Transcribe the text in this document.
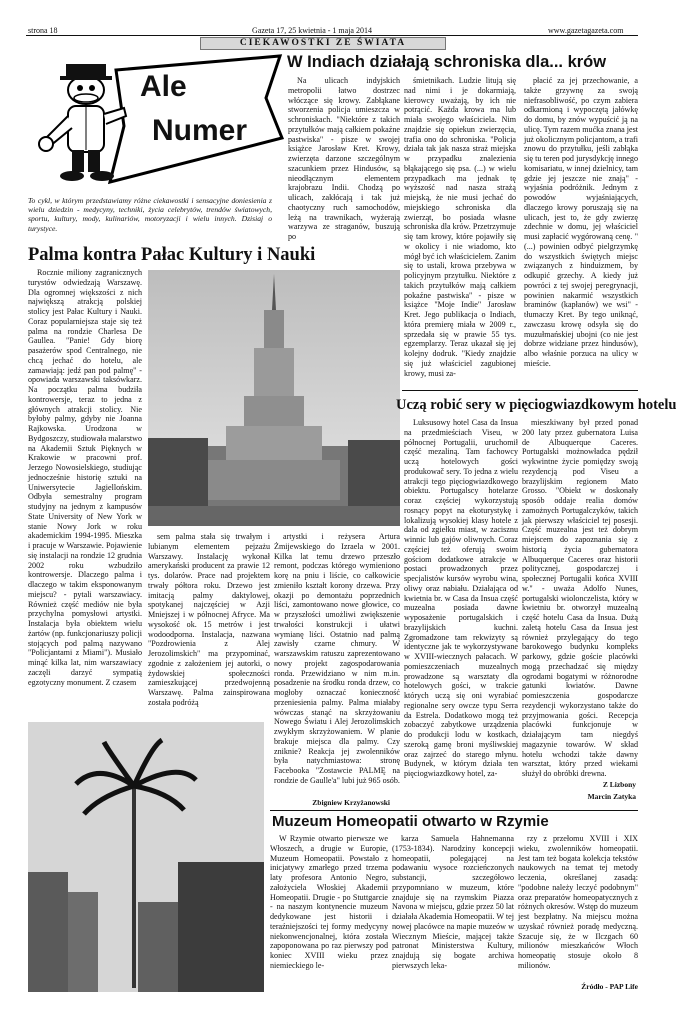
strona 18	Gazeta 17, 25 kwietnia - 1 maja 2014	www.gazetagazeta.com
CIEKAWOSTKI ZE ŚWIATA
Ale
Numer
To cykl, w którym przedstawiamy różne ciekawostki i sensacyjne doniesienia z wielu dziedzin - medycyny, techniki, życia celebrytów, trendów światowych, sportu, kultury, mody, kulinariów, motoryzacji i wielu innych. Dzisiaj o turystyce.
W Indiach działają schroniska dla... krów

Na ulicach indyjskich metropolii łatwo dostrzec włóczące się krowy. Zabłąkane stworzenia policja umieszcza w schroniskach. "Niektóre z takich przytułków mają całkiem pokaźne pastwiska" - pisze w swojej książce Jarosław Kret. Krowy, zwierzęta darzone szczególnym szacunkiem przez Hindusów, są nieodłącznym elementem krajobrazu Indii. Chodzą po ulicach, zakłócają i tak już chaotyczny ruch samochodów, leżą na trawnikach, wyżerają warzywa ze straganów, buszują po

śmietnikach. Ludzie litują się nad nimi i je dokarmiają, kierowcy uważają, by ich nie potrącić. Każda krowa ma lub miała swojego właściciela. Nim znajdzie się opiekun zwierzęcia, trafia ono do schroniska. "Policja działa tak jak nasza straż miejska w przypadku znalezienia błąkającego się psa. (...) w wielu przypadkach ma jednak tę wyższość nad nasza strażą miejską, że nie musi jechać do miejskiego schroniska dla zwierząt, bo posiada własne schroniska dla krów. Przetrzymuje się tam krowy, które pojawiły się w okolicy i nie wiadomo, kto mógł być ich właścicielem. Zanim się to ustali, krowa przebywa w policyjnym przytułku. Niektóre z takich przytułków mają całkiem pokaźne pastwiska" - pisze w książce "Moje Indie" Jarosław Kret. Jego publikacja o Indiach, która premierę miała w 2009 r., sprzedała się w prawie 55 tys. egzemplarzy. Teraz ukazał się jej kolejny dodruk. "Kiedy znajdzie się już właściciel zagubionej krowy, musi za-

płacić za jej przechowanie, a także grzywnę za swoją niefrasobliwość, po czym zabiera odkarmioną i wypoczętą jałówkę do domu, by znów wypuścić ją na ulicę. Tym razem mućka znana jest już okolicznym policjantom, a trafi znowu do przytułku, jeśli zabłąka się tu teren pod jurysdykcję innego komisariatu, w innej dzielnicy, tam gdzie jej jeszcze nie znają" - wyjaśnia podróżnik. Jednym z powodów wyjaśniających, dlaczego krowy poruszają się na ulicach, jest to, że gdy zwierzę zdechnie w domu, jej właściciel musi zapłacić wygórowaną cenę. "(...) powinien odbyć pielgrzymkę do wszystkich świętych miejsc związanych z hinduizmem, by odkupić grzechy. A kiedy już powróci z tej swojej peregrynacji, powinien nakarmić wszystkich braminów (kapłanów) we wsi" - tłumaczy Kret. By tego uniknąć, zawczasu krowę odsyła się do muzułmańskiej ubojni (co nie jest dobrze widziane przez hindusów), albo właśnie porzuca na ulicy w mieście.

Palma kontra Pałac Kultury i Nauki

Rocznie miliony zagranicznych turystów odwiedzają Warszawę. Dla ogromnej większości z nich największą atrakcją polskiej stolicy jest Pałac Kultury i Nauki. Coraz popularniejsza staje się też palma na rondzie Charlesa De Gaullea. "Panie! Gdy biorę pasażerów spod Centralnego, nie chcą jechać do hotelu, ale zamawiają: jedź pan pod palmę" - opowiada warszawski taksówkarz. Na początku palma budziła kontrowersje, teraz to jedna z głównych atrakcji stolicy. Nie byłoby palmy, gdyby nie Joanna Rajkowska. Urodzona w Bydgoszczy, studiowała malarstwo na Akademii Sztuk Pięknych w Krakowie w pracowni prof. Jerzego Nowosielskiego, studiując jednocześnie historię sztuki na Uniwersytecie Jagiellońskim. Odbyła semestralny program studyjny na jednym z kampusów State University of New York w stanie Nowy Jork w roku akademickim 1994-1995. Mieszka i pracuje w Warszawie. Pojawienie się instalacji na rondzie 12 grudnia 2002 roku wzbudziło kontrowersje. Dlaczego palma i dlaczego w takim eksponowanym miejscu? - pytali warszawiacy. Również część mediów nie była przychylna pomysłowi artystki. Instalacja była obiektem wielu żartów (np. funkcjonariuszy policji stojących pod palmą nazywano "Policjantami z Miami"). Musiało minąć kilka lat, nim warszawiacy zaczęli darzyć sympatią egzotyczny monument. Z czasem

sem palma stała się trwałym i lubianym elementem pejzażu Warszawy. Instalację wykonał amerykański producent za prawie 12 tys. dolarów. Prace nad projektem trwały półtora roku. Drzewo jest imitacją palmy daktylowej, spotykanej najczęściej w Azji Mniejszej i w północnej Afryce. Ma wysokość ok. 15 metrów i jest wodoodporna. Instalacja, nazwana "Pozdrowienia z Alej Jerozolimskich" ma przypominać, zgodnie z założeniem jej autorki, o żydowskiej społeczności zamieszkującej przedwojenną Warszawę. Palma zainspirowana została podróżą

artystki i reżysera Artura Żmijewskiego do Izraela w 2001. Kilka lat temu drzewo przeszło remont, podczas którego wymieniono korę na pniu i liście, co całkowicie zmieniło kształt korony drzewa. Przy okazji po demontażu poprzednich liści, zamontowano nowe głowice, co w przyszłości umożliwi zwiększenie trwałości konstrukcji i ułatwi wymianę liści. Ostatnio nad palmą zawisły czarne chmury. W warszawskim ratuszu zaprezentowano nowy projekt zagospodarowania ronda. Przewidziano w nim m.in. posadzenie na środku ronda drzew, co mogłoby oznaczać konieczność przeniesienia palmy. Palma miałaby wówczas stanąć na skrzyżowaniu Nowego Światu i Alej Jerozolimskich zwykłym skrzyżowaniem. W planie brakuje miejsca dla palmy. Czy zniknie? Reakcja jej zwolenników była natychmiastowa: stronę Facebooka "Zostawcie PALMĘ na rondzie de Gaulle'a" lubi już 965 osób.

Zbigniew Krzyżanowski
Uczą robić sery w pięciogwiazdkowym hotelu

Luksusowy hotel Casa da Insua na przedmieściach Viseu, w północnej Portugalii, uruchomił część mezaliną. Tam fachowcy uczą hotelowych gości produkowač sery. To jedna z wielu atrakcji tego pięciogwiazdkowego obiektu. Portugalscy hotelarze coraz częściej wykorzystują rosnący popyt na ekoturystykę i lokalizują wysokiej klasy hotele z dala od zgiełku miast, w zacisznu winnic lub gajów oliwnych. Coraz częściej też oferują swoim gościom dodatkowe atrakcje w postaci prowadzonych przez specjalistów kursów wyrobu wina, oliwy oraz nabiału. Działająca od kwietnia br. w Casa da Insua część muzealna posiada dawne wyposażenie portugalskich i brazylijskich kuchni. Zgromadzone tam rekwizyty są identyczne jak te wykorzystywane w XVIII-wiecznych pałacach. W pomieszczeniach muzealnych prowadzone są warsztaty dla hotelowych gości, w trakcie których uczą się oni wyrabiać regionalne sery owcze typu Serra da Estrela. Dodatkowo mogą też zobaczyć zabytkowe urządzenia do produkcji lodu w kostkach, szeroką gamę broni myśliwskiej oraz zajrzeć do starego młynu. Budynek, w którym działa ten pięciogwiazdkowy hotel, za-

mieszkiwany był przed ponad 200 laty przez gubernatora Luisa de Albuquerque Caceres. Portugalski możnowładca pędził wykwintne życie pomiędzy swoją rezydencją pod Viseu a brazylijskim regionem Mato Grosso. "Obiekt w doskonały sposób oddaje realia domów zamożnych Portugalczyków, takich jak pierwszy właściciel tej posesji. Część muzealna jest też dobrym miejscem do zapoznania się z historią życia gubernatora Albuquerque Caceres oraz historii politycznej, gospodarczej i społecznej Portugalii końca XVIII w." - uważa Adolfo Nunes, portugalski wiolonczelista, który w kwietniu br. otworzył muzealną część hotelu Casa da Insua. Dużą zaletą hotelu Casa da Insua jest również przylegający do tego barokowego budynku kompleks parkowy, gdzie goście placówki mogą przechadzać się między ogrodami bogatymi w różnorodne gatunki kwiatów. Dawne pomieszczenia gospodarcze rezydencji wykorzystano także do przyjmowania gości. Recepcja placówki funkcjonuje w działającym tam niegdyś magazynie towarów. W skład hotelu wchodzi także dawny warsztat, który przed wiekami służył do obróbki drewna.

Z Lizbony
Marcin Zatyka
Muzeum Homeopatii otwarto w Rzymie

W Rzymie otwarto pierwsze we Włoszech, a drugie w Europie, Muzeum Homeopatii. Powstało z inicjatywy zmarłego przed trzema laty profesora Antonio Negro, założyciela Włoskiej Akademii Homeopatii. Drugie - po Stuttgarcie - na naszym kontynencie muzeum dedykowane jest historii i teraźniejszości tej formy medycyny niekonwencjonalnej, która została zapoponowana po raz pierwszy pod koniec XVIII wieku przez niemieckiego le-

karza Samuela Hahnemanna (1753-1834). Narodziny koncepcji homeopatii, polegającej na podawaniu wysoce rozcieńczonych substancji, szczegółowo przypomniano w muzeum, które znajduje się na rzymskim Piazza Navona w miejscu, gdzie przez 50 lat działała Akademia Homeopatii. W tej nowej placówce na mapie muzeów w Wiecznym Mieście, mającej także patronat Ministerstwa Kultury, znajdują się bogate archiwa pierwszych leka-

rzy z przełomu XVIII i XIX wieku, zwolenników homeopatii. Jest tam też bogata kolekcja tekstów naukowych na temat tej metody leczenia, określanej zasadą: "podobne należy leczyć podobnym" oraz preparatów homeopatycznych z różnych okresów. Wstęp do muzeum jest bezpłatny. Na miejscu można uzyskać również poradę medyczną. Szacuje się, że w Ilczgach 60 milionów mieszkańców Włoch homeopatię stosuje około 8 milionów.

Źródło - PAP Life
